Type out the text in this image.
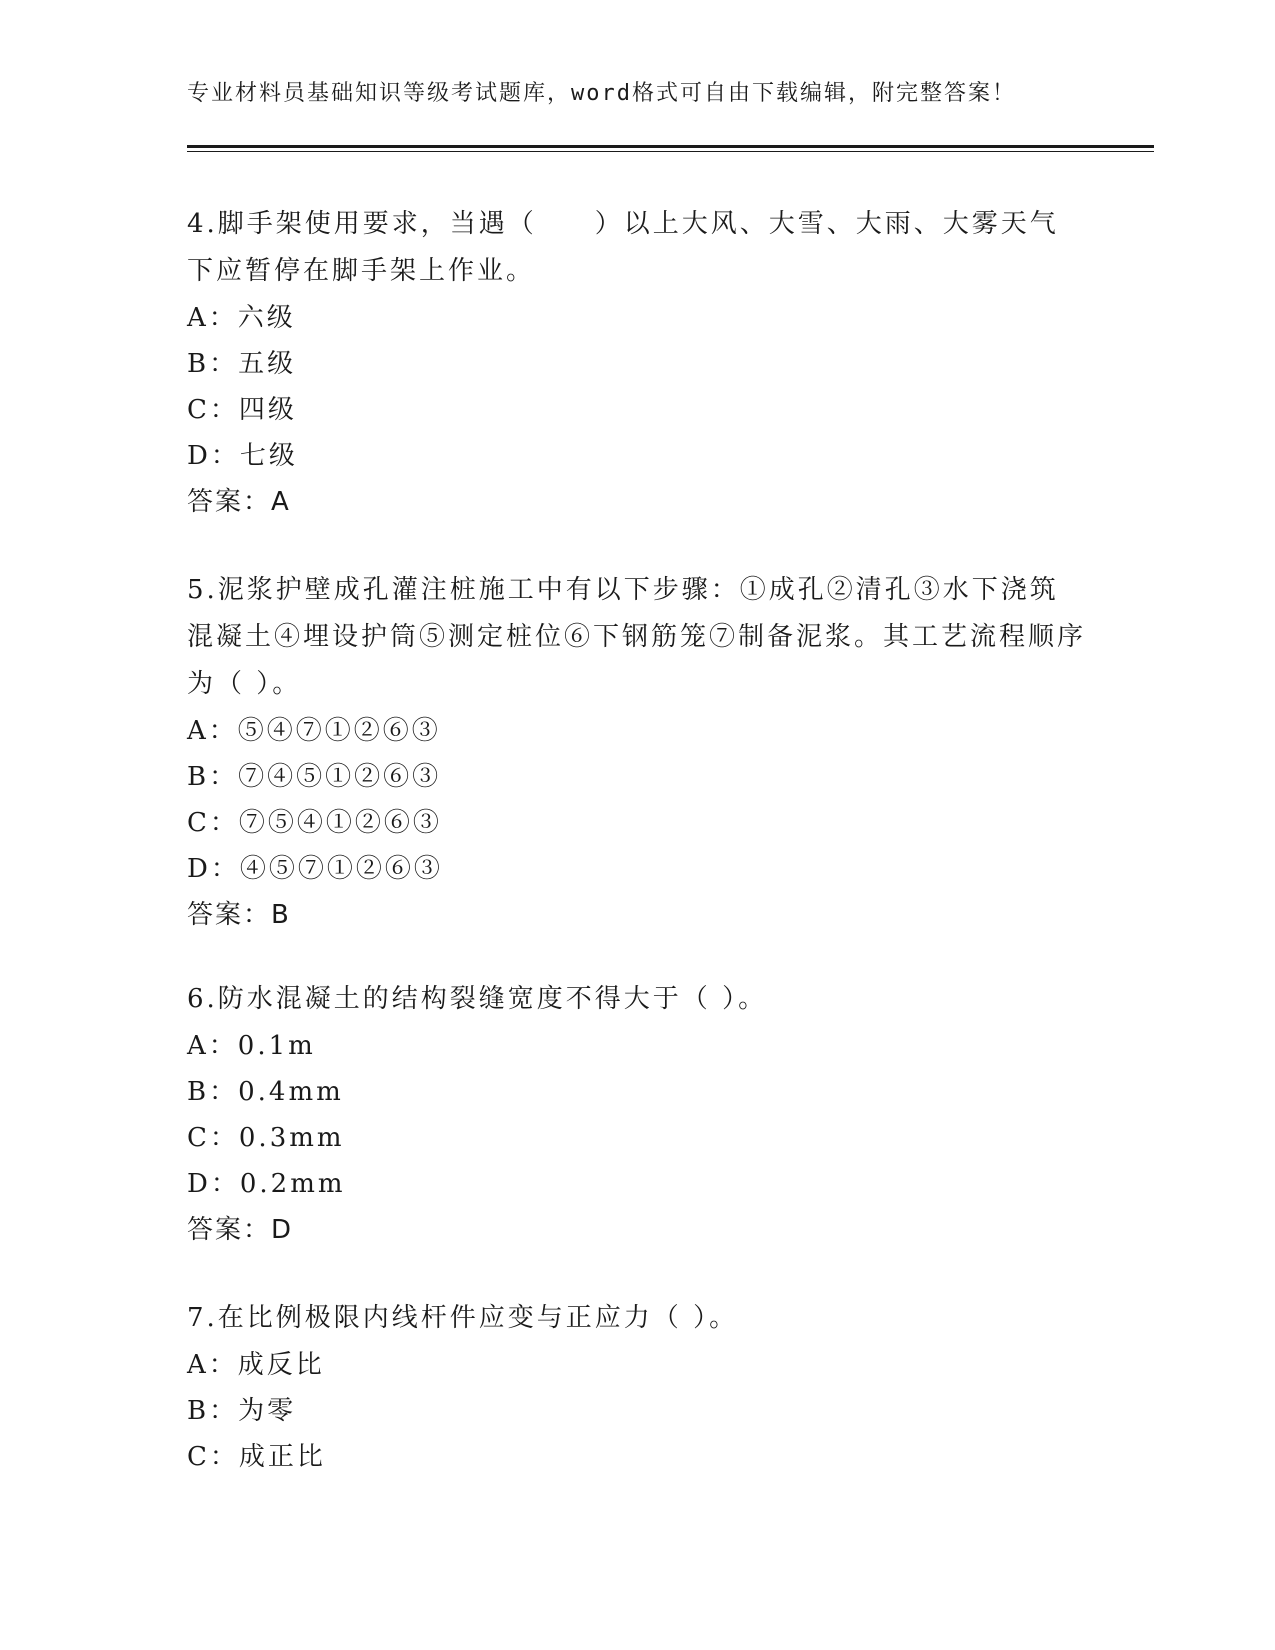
专业材料员基础知识等级考试题库，word格式可自由下载编辑，附完整答案！

4.脚手架使用要求，当遇（　　）以上大风、大雪、大雨、大雾天气下应暂停在脚手架上作业。

A：六级
B：五级
C：四级
D：七级
答案：A

5.泥浆护壁成孔灌注桩施工中有以下步骤：①成孔②清孔③水下浇筑混凝土④埋设护筒⑤测定桩位⑥下钢筋笼⑦制备泥浆。其工艺流程顺序为（ ）。

A：⑤④⑦①②⑥③
B：⑦④⑤①②⑥③
C：⑦⑤④①②⑥③
D：④⑤⑦①②⑥③
答案：B

6.防水混凝土的结构裂缝宽度不得大于（ ）。

A：0.1m
B：0.4mm
C：0.3mm
D：0.2mm
答案：D

7.在比例极限内线杆件应变与正应力（ ）。

A：成反比
B：为零
C：成正比
